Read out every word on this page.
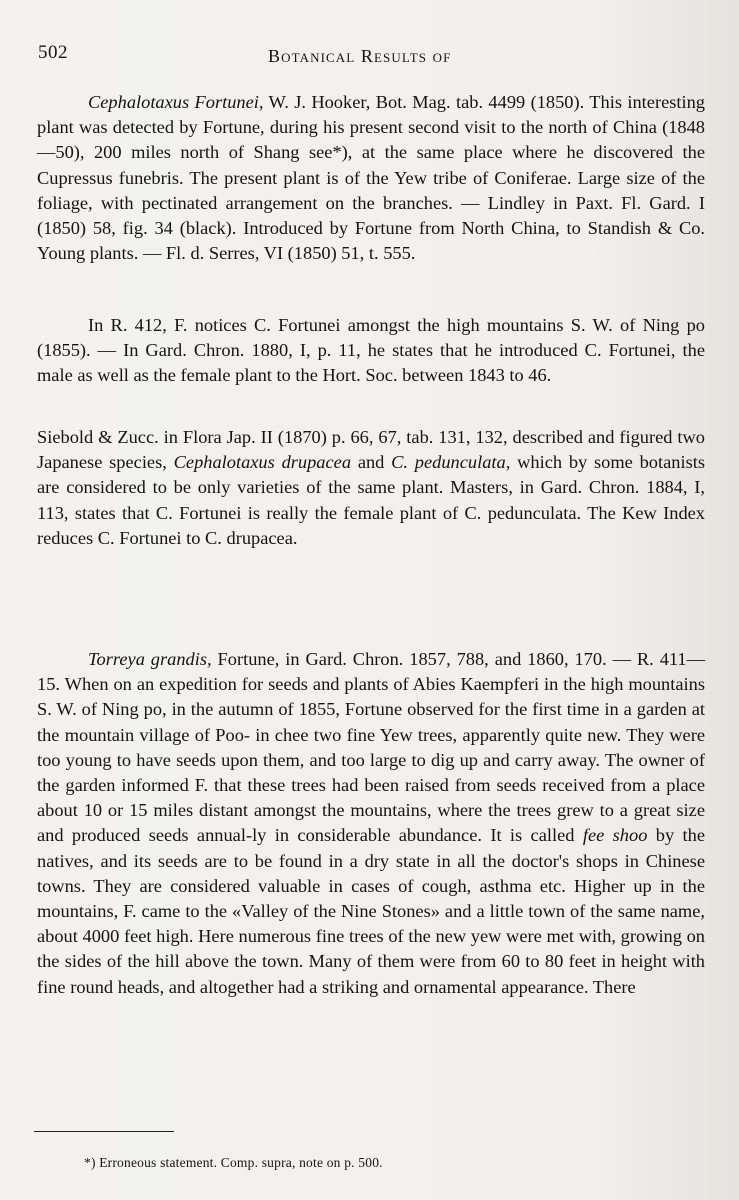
502	Botanical Results of

Cephalotaxus Fortunei, W. J. Hooker, Bot. Mag. tab. 4499 (1850). This interesting plant was detected by Fortune, during his present second visit to the north of China (1848—50), 200 miles north of Shang see*), at the same place where he discovered the Cupressus funebris. The present plant is of the Yew tribe of Coniferae. Large size of the foliage, with pectinated arrangement on the branches. — Lindley in Paxt. Fl. Gard. I (1850) 58, fig. 34 (black). Introduced by Fortune from North China, to Standish & Co. Young plants. — Fl. d. Serres, VI (1850) 51, t. 555.

In R. 412, F. notices C. Fortunei amongst the high mountains S. W. of Ning po (1855). — In Gard. Chron. 1880, I, p. 11, he states that he introduced C. Fortunei, the male as well as the female plant to the Hort. Soc. between 1843 to 46.

Siebold & Zucc. in Flora Jap. II (1870) p. 66, 67, tab. 131, 132, described and figured two Japanese species, Cephalotaxus drupacea and C. pedunculata, which by some botanists are considered to be only varieties of the same plant. Masters, in Gard. Chron. 1884, I, 113, states that C. Fortunei is really the female plant of C. pedunculata. The Kew Index reduces C. Fortunei to C. drupacea.

Torreya grandis, Fortune, in Gard. Chron. 1857, 788, and 1860, 170. — R. 411—15. When on an expedition for seeds and plants of Abies Kaempferi in the high mountains S. W. of Ning po, in the autumn of 1855, Fortune observed for the first time in a garden at the mountain village of Poo- in chee two fine Yew trees, apparently quite new. They were too young to have seeds upon them, and too large to dig up and carry away. The owner of the garden informed F. that these trees had been raised from seeds received from a place about 10 or 15 miles distant amongst the mountains, where the trees grew to a great size and produced seeds annual-ly in considerable abundance. It is called fee shoo by the natives, and its seeds are to be found in a dry state in all the doctor's shops in Chinese towns. They are considered valuable in cases of cough, asthma etc. Higher up in the mountains, F. came to the «Valley of the Nine Stones» and a little town of the same name, about 4000 feet high. Here numerous fine trees of the new yew were met with, growing on the sides of the hill above the town. Many of them were from 60 to 80 feet in height with fine round heads, and altogether had a striking and ornamental appearance. There

*) Erroneous statement. Comp. supra, note on p. 500.
